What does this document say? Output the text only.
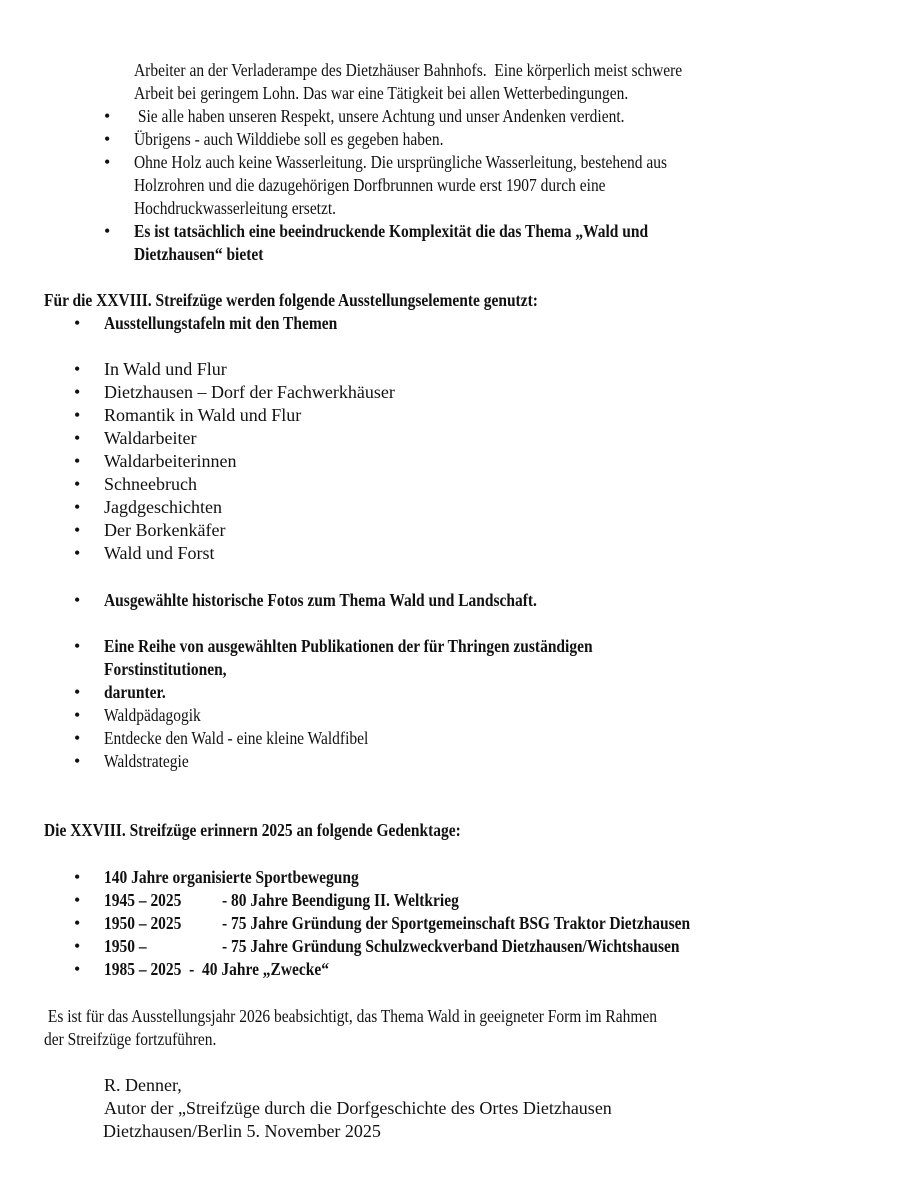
Arbeiter an der Verladerampe des Dietzhäuser Bahnhofs.  Eine körperlich meist schwere
Arbeit bei geringem Lohn. Das war eine Tätigkeit bei allen Wetterbedingungen.
• Sie alle haben unseren Respekt, unsere Achtung und unser Andenken verdient.
• Übrigens - auch Wilddiebe soll es gegeben haben.
• Ohne Holz auch keine Wasserleitung. Die ursprüngliche Wasserleitung, bestehend aus
Holzrohren und die dazugehörigen Dorfbrunnen wurde erst 1907 durch eine
Hochdruckwasserleitung ersetzt.
• Es ist tatsächlich eine beeindruckende Komplexität die das Thema „Wald und
Dietzhausen“ bietet
Für die XXVIII. Streifzüge werden folgende Ausstellungselemente genutzt:
• Ausstellungstafeln mit den Themen
• In Wald und Flur
• Dietzhausen – Dorf der Fachwerkhäuser
• Romantik in Wald und Flur
• Waldarbeiter
• Waldarbeiterinnen
• Schneebruch
• Jagdgeschichten
• Der Borkenkäfer
• Wald und Forst
• Ausgewählte historische Fotos zum Thema Wald und Landschaft.
• Eine Reihe von ausgewählten Publikationen der für Thringen zuständigen
Forstinstitutionen,
• darunter.
• Waldpädagogik
• Entdecke den Wald - eine kleine Waldfibel
• Waldstrategie
Die XXVIII. Streifzüge erinnern 2025 an folgende Gedenktage:
• 140 Jahre organisierte Sportbewegung
• 1945 – 2025 - 80 Jahre Beendigung II. Weltkrieg
• 1950 – 2025 - 75 Jahre Gründung der Sportgemeinschaft BSG Traktor Dietzhausen
• 1950 –	- 75 Jahre Gründung Schulzweckverband Dietzhausen/Wichtshausen
• 1985 – 2025  -  40 Jahre „Zwecke“
Es ist für das Ausstellungsjahr 2026 beabsichtigt, das Thema Wald in geeigneter Form im Rahmen
der Streifzüge fortzuführen.
R. Denner,
Autor der „Streifzüge durch die Dorfgeschichte des Ortes Dietzhausen
Dietzhausen/Berlin 5. November 2025
